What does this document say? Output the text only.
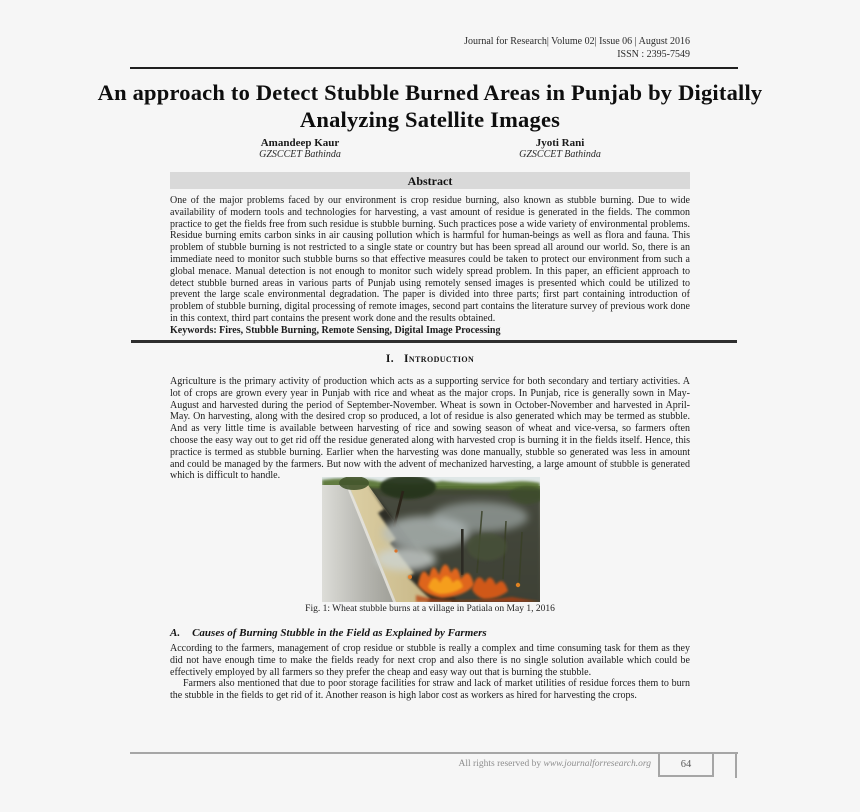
Journal for Research| Volume 02| Issue 06 | August 2016
ISSN : 2395-7549
An approach to Detect Stubble Burned Areas in Punjab by Digitally Analyzing Satellite Images
Amandeep Kaur
GZSCCET Bathinda
Jyoti Rani
GZSCCET Bathinda
Abstract
One of the major problems faced by our environment is crop residue burning, also known as stubble burning. Due to wide availability of modern tools and technologies for harvesting, a vast amount of residue is generated in the fields. The common practice to get the fields free from such residue is stubble burning. Such practices pose a wide variety of environmental problems. Residue burning emits carbon sinks in air causing pollution which is harmful for human-beings as well as flora and fauna. This problem of stubble burning is not restricted to a single state or country but has been spread all around our world. So, there is an immediate need to monitor such stubble burns so that effective measures could be taken to protect our environment from such a global menace. Manual detection is not enough to monitor such widely spread problem. In this paper, an efficient approach to detect stubble burned areas in various parts of Punjab using remotely sensed images is presented which could be utilized to prevent the large scale environmental degradation. The paper is divided into three parts; first part containing introduction of problem of stubble burning, digital processing of remote images, second part contains the literature survey of previous work done in this context, third part contains the present work done and the results obtained.
Keywords: Fires, Stubble Burning, Remote Sensing, Digital Image Processing
I. Introduction
Agriculture is the primary activity of production which acts as a supporting service for both secondary and tertiary activities. A lot of crops are grown every year in Punjab with rice and wheat as the major crops. In Punjab, rice is generally sown in May-August and harvested during the period of September-November. Wheat is sown in October-November and harvested in April-May. On harvesting, along with the desired crop so produced, a lot of residue is also generated which may be termed as stubble. And as very little time is available between harvesting of rice and sowing season of wheat and vice-versa, so farmers often choose the easy way out to get rid off the residue generated along with harvested crop is burning it in the fields itself. Hence, this practice is termed as stubble burning. Earlier when the harvesting was done manually, stubble so generated was less in amount and could be managed by the farmers. But now with the advent of mechanized harvesting, a large amount of stubble is generated which is difficult to handle.
Fig. 1: Wheat stubble burns at a village in Patiala on May 1, 2016
A. Causes of Burning Stubble in the Field as Explained by Farmers

According to the farmers, management of crop residue or stubble is really a complex and time consuming task for them as they did not have enough time to make the fields ready for next crop and also there is no single solution available which could be effectively employed by all farmers so they prefer the cheap and easy way out that is burning the stubble.

Farmers also mentioned that due to poor storage facilities for straw and lack of market utilities of residue forces them to burn the stubble in the fields to get rid of it. Another reason is high labor cost as workers as hired for harvesting the crops.

All rights reserved by www.journalforresearch.org	64
